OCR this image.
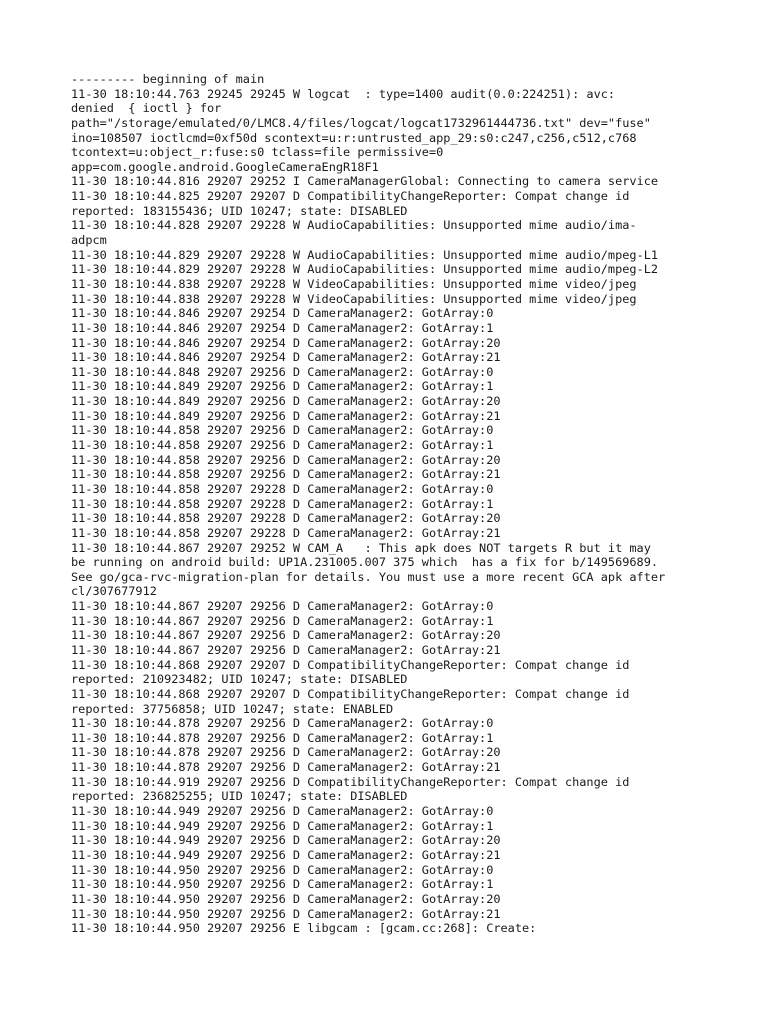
--------- beginning of main
11-30 18:10:44.763 29245 29245 W logcat  : type=1400 audit(0.0:224251): avc:
denied  { ioctl } for
path="/storage/emulated/0/LMC8.4/files/logcat/logcat1732961444736.txt" dev="fuse"
ino=108507 ioctlcmd=0xf50d scontext=u:r:untrusted_app_29:s0:c247,c256,c512,c768
tcontext=u:object_r:fuse:s0 tclass=file permissive=0
app=com.google.android.GoogleCameraEngR18F1
11-30 18:10:44.816 29207 29252 I CameraManagerGlobal: Connecting to camera service
11-30 18:10:44.825 29207 29207 D CompatibilityChangeReporter: Compat change id
reported: 183155436; UID 10247; state: DISABLED
11-30 18:10:44.828 29207 29228 W AudioCapabilities: Unsupported mime audio/ima-
adpcm
11-30 18:10:44.829 29207 29228 W AudioCapabilities: Unsupported mime audio/mpeg-L1
11-30 18:10:44.829 29207 29228 W AudioCapabilities: Unsupported mime audio/mpeg-L2
11-30 18:10:44.838 29207 29228 W VideoCapabilities: Unsupported mime video/jpeg
11-30 18:10:44.838 29207 29228 W VideoCapabilities: Unsupported mime video/jpeg
11-30 18:10:44.846 29207 29254 D CameraManager2: GotArray:0
11-30 18:10:44.846 29207 29254 D CameraManager2: GotArray:1
11-30 18:10:44.846 29207 29254 D CameraManager2: GotArray:20
11-30 18:10:44.846 29207 29254 D CameraManager2: GotArray:21
11-30 18:10:44.848 29207 29256 D CameraManager2: GotArray:0
11-30 18:10:44.849 29207 29256 D CameraManager2: GotArray:1
11-30 18:10:44.849 29207 29256 D CameraManager2: GotArray:20
11-30 18:10:44.849 29207 29256 D CameraManager2: GotArray:21
11-30 18:10:44.858 29207 29256 D CameraManager2: GotArray:0
11-30 18:10:44.858 29207 29256 D CameraManager2: GotArray:1
11-30 18:10:44.858 29207 29256 D CameraManager2: GotArray:20
11-30 18:10:44.858 29207 29256 D CameraManager2: GotArray:21
11-30 18:10:44.858 29207 29228 D CameraManager2: GotArray:0
11-30 18:10:44.858 29207 29228 D CameraManager2: GotArray:1
11-30 18:10:44.858 29207 29228 D CameraManager2: GotArray:20
11-30 18:10:44.858 29207 29228 D CameraManager2: GotArray:21
11-30 18:10:44.867 29207 29252 W CAM_A   : This apk does NOT targets R but it may
be running on android build: UP1A.231005.007 375 which  has a fix for b/149569689.
See go/gca-rvc-migration-plan for details. You must use a more recent GCA apk after
cl/307677912
11-30 18:10:44.867 29207 29256 D CameraManager2: GotArray:0
11-30 18:10:44.867 29207 29256 D CameraManager2: GotArray:1
11-30 18:10:44.867 29207 29256 D CameraManager2: GotArray:20
11-30 18:10:44.867 29207 29256 D CameraManager2: GotArray:21
11-30 18:10:44.868 29207 29207 D CompatibilityChangeReporter: Compat change id
reported: 210923482; UID 10247; state: DISABLED
11-30 18:10:44.868 29207 29207 D CompatibilityChangeReporter: Compat change id
reported: 37756858; UID 10247; state: ENABLED
11-30 18:10:44.878 29207 29256 D CameraManager2: GotArray:0
11-30 18:10:44.878 29207 29256 D CameraManager2: GotArray:1
11-30 18:10:44.878 29207 29256 D CameraManager2: GotArray:20
11-30 18:10:44.878 29207 29256 D CameraManager2: GotArray:21
11-30 18:10:44.919 29207 29256 D CompatibilityChangeReporter: Compat change id
reported: 236825255; UID 10247; state: DISABLED
11-30 18:10:44.949 29207 29256 D CameraManager2: GotArray:0
11-30 18:10:44.949 29207 29256 D CameraManager2: GotArray:1
11-30 18:10:44.949 29207 29256 D CameraManager2: GotArray:20
11-30 18:10:44.949 29207 29256 D CameraManager2: GotArray:21
11-30 18:10:44.950 29207 29256 D CameraManager2: GotArray:0
11-30 18:10:44.950 29207 29256 D CameraManager2: GotArray:1
11-30 18:10:44.950 29207 29256 D CameraManager2: GotArray:20
11-30 18:10:44.950 29207 29256 D CameraManager2: GotArray:21
11-30 18:10:44.950 29207 29256 E libgcam : [gcam.cc:268]: Create:
